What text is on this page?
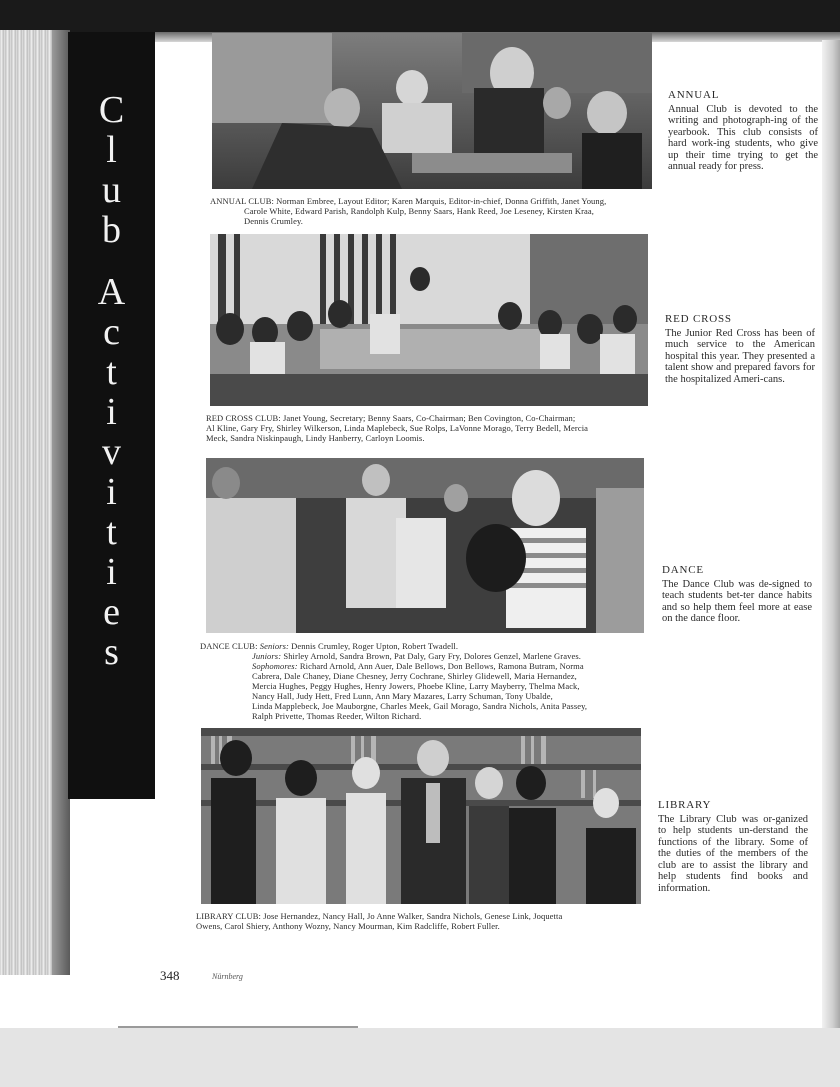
C
l
u
b
A
c
t
i
v
i
t
i
e
s
ANNUAL CLUB: Norman Embree, Layout Editor; Karen Marquis, Editor-in-chief, Donna Griffith, Janet Young,
Carole White, Edward Parish, Randolph Kulp, Benny Saars, Hank Reed, Joe Leseney, Kirsten Kraa,
Dennis Crumley.
ANNUAL
Annual Club is devoted to the writing and photograph-ing of the yearbook. This club consists of hard work-ing students, who give up their time trying to get the annual ready for press.
RED CROSS CLUB: Janet Young, Secretary; Benny Saars, Co-Chairman; Ben Covington, Co-Chairman;
Al Kline, Gary Fry, Shirley Wilkerson, Linda Maplebeck, Sue Rolps, LaVonne Morago, Terry Bedell, Mercia
Meck, Sandra Niskinpaugh, Lindy Hanberry, Carloyn Loomis.
RED CROSS
The Junior Red Cross has been of much service to the American hospital this year. They presented a talent show and prepared favors for the hospitalized Ameri-cans.
DANCE CLUB: Seniors: Dennis Crumley, Roger Upton, Robert Twadell.
Juniors: Shirley Arnold, Sandra Brown, Pat Daly, Gary Fry, Dolores Genzel, Marlene Graves.
Sophomores: Richard Arnold, Ann Auer, Dale Bellows, Don Bellows, Ramona Butram, Norma
Cabrera, Dale Chaney, Diane Chesney, Jerry Cochrane, Shirley Glidewell, Maria Hernandez,
Mercia Hughes, Peggy Hughes, Henry Jowers, Phoebe Kline, Larry Mayberry, Thelma Mack,
Nancy Hall, Judy Hett, Fred Lunn, Ann Mary Mazares, Larry Schuman, Tony Ubalde,
Linda Mapplebeck, Joe Mauborgne, Charles Meek, Gail Morago, Sandra Nichols, Anita Passey,
Ralph Privette, Thomas Reeder, Wilton Richard.
DANCE
The Dance Club was de-signed to teach students bet-ter dance habits and so help them feel more at ease on the dance floor.
LIBRARY CLUB: Jose Hernandez, Nancy Hall, Jo Anne Walker, Sandra Nichols, Genese Link, Joquetta
Owens, Carol Shiery, Anthony Wozny, Nancy Mourman, Kim Radcliffe, Robert Fuller.
LIBRARY
The Library Club was or-ganized to help students un-derstand the functions of the library. Some of the duties of the members of the club are to assist the library and help students find books and information.
348	Nürnberg
